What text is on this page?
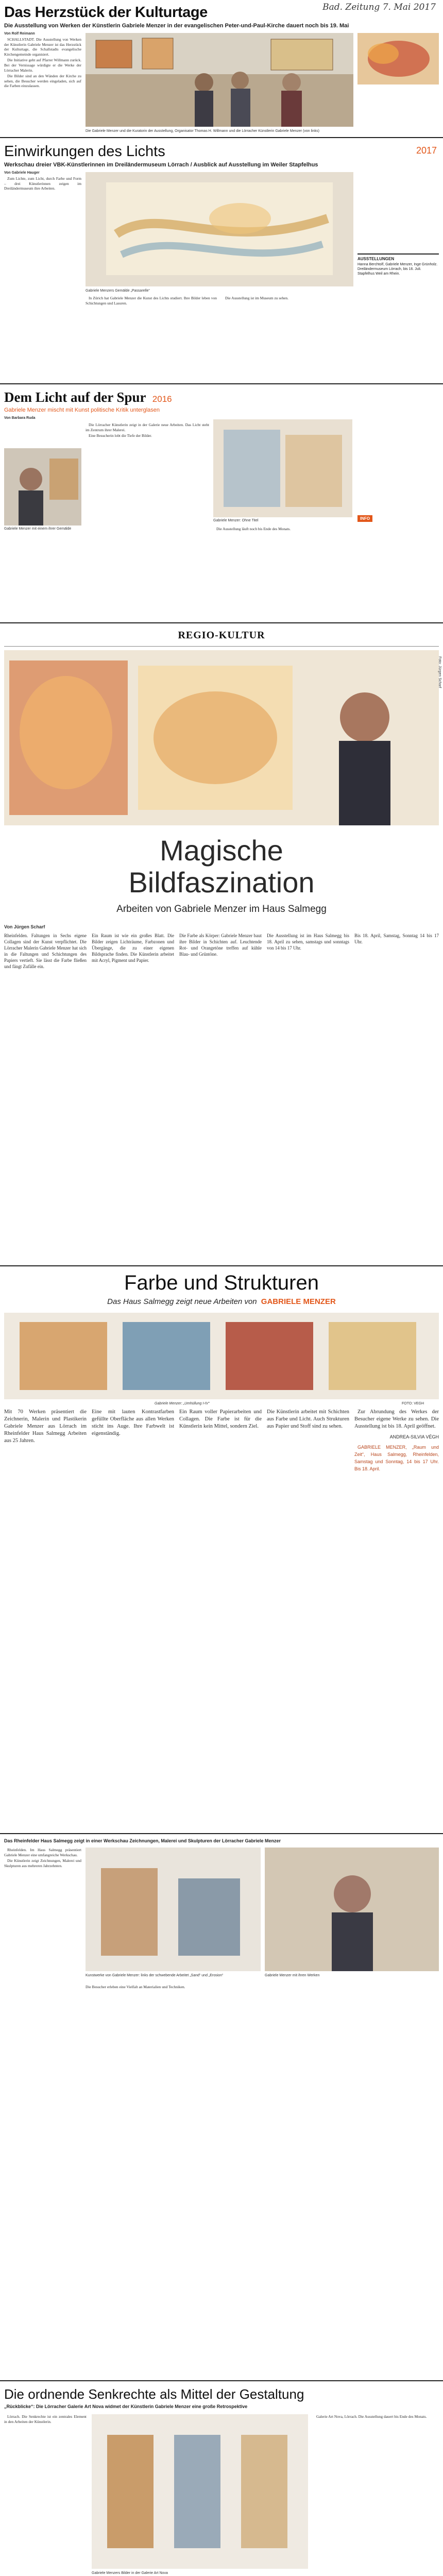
Bad. Zeitung 7. Mai 2017
Das Herzstück der Kulturtage
Die Ausstellung von Werken der Künstlerin Gabriele Menzer in der evangelischen Peter-und-Paul-Kirche dauert noch bis 19. Mai
Von Rolf Reimann

SCHALLSTADT. Die Ausstellung von Werken der Künstlerin Gabriele Menzer ist das Herzstück der Kulturtage, die Schallstadts evangelische Kirchengemeinde organisiert.

Die Initiative geht auf Pfarrer Willmann zurück. Bei der Vernissage würdigte er die Werke der Lörracher Malerin.

Die Bilder sind an den Wänden der Kirche zu sehen, die Besucher werden eingeladen, sich auf die Farben einzulassen.

Die Gabriele Menzer und die Kuratorin der Ausstellung, Organisator Thomas H. Willmann und die Lörracher Künstlerin Gabriele Menzer (von links)
Einwirkungen des Lichts	2017
Werkschau dreier VBK-Künstlerinnen im Dreiländermuseum Lörrach / Ausblick auf Ausstellung im Weiler Stapfelhus
Von Gabriele Hauger

Zum Lichte, zum Licht, durch Farbe und Form – drei Künstlerinnen zeigen im Dreiländermuseum ihre Arbeiten.

Gabriele Menzers Gemälde „Passarelle“

In Zürich hat Gabriele Menzer die Kunst des Lichts studiert. Ihre Bilder leben von Schichtungen und Lasuren.

Die Ausstellung ist im Museum zu sehen.

AUSSTELLUNGEN
Hanna Berchtolf, Gabriele Menzer, Inge Grünholz. Dreiländermuseum Lörrach, bis 16. Juli. Stapfelhus Weil am Rhein.
Dem Licht auf der Spur 2016
Gabriele Menzer mischt mit Kunst politische Kritik unterglasen
Von Barbara Ruda
Gabriele Menzer mit einem ihrer Gemälde

Die Lörracher Künstlerin zeigt in der Galerie neue Arbeiten. Das Licht steht im Zentrum ihrer Malerei.

Eine Besucherin lobt die Tiefe der Bilder.

Gabriele Menzer: Ohne Titel

Die Ausstellung läuft noch bis Ende des Monats.

INFO
REGIO-KULTUR
Foto: Jürgen Scharf
Magische
Bildfaszination
Arbeiten von Gabriele Menzer im Haus Salmegg
Von Jürgen Scharf
Rheinfelden. Faltungen in Sechs eigene Collagen sind der Kunst verpflichtet. Die Lörracher Malerin Gabriele Menzer hat sich in die Faltungen und Schichtungen des Papiers vertieft. Sie lässt die Farbe fließen und fängt Zufälle ein.
Ein Raum ist wie ein großes Blatt. Die Bilder zeigen Lichträume, Farbzonen und Übergänge, die zu einer eigenen Bildsprache finden. Die Künstlerin arbeitet mit Acryl, Pigment und Papier.
Die Farbe als Körper: Gabriele Menzer baut ihre Bilder in Schichten auf. Leuchtende Rot- und Orangetöne treffen auf kühle Blau- und Grüntöne.
Die Ausstellung ist im Haus Salmegg bis 18. April zu sehen, samstags und sonntags von 14 bis 17 Uhr.
Bis 18. April, Samstag, Sonntag 14 bis 17 Uhr.
Farbe und Strukturen
Das Haus Salmegg zeigt neue Arbeiten von GABRIELE MENZER
Gabriele Menzer: „Umhüllung I-IV“	FOTO: VEGH
Mit 70 Werken präsentiert die Zeichnerin, Malerin und Plastikerin Gabriele Menzer aus Lörrach im Rheinfelder Haus Salmegg Arbeiten aus 25 Jahren.
Eine mit lauten Kontrastfarben gefüllte Oberfläche aus allen Werken sticht ins Auge. Ihre Farbwelt ist eigenständig.
Ein Raum voller Papierarbeiten und Collagen. Die Farbe ist für die Künstlerin kein Mittel, sondern Ziel.
Die Künstlerin arbeitet mit Schichten aus Farbe und Licht. Auch Strukturen aus Papier und Stoff sind zu sehen.

Zur Abrundung des Werkes der Besucher eigene Werke zu sehen. Die Ausstellung ist bis 18. April geöffnet.

ANDREA-SILVIA VÉGH

GABRIELE MENZER, „Raum und Zeit“, Haus Salmegg, Rheinfelden, Samstag und Sonntag, 14 bis 17 Uhr. Bis 18. April.

Das Rheinfelder Haus Salmegg zeigt in einer Werkschau Zeichnungen, Malerei und Skulpturen der Lörracher Gabriele Menzer

Rheinfelden. Im Haus Salmegg präsentiert Gabriele Menzer eine umfangreiche Werkschau.

Die Künstlerin zeigt Zeichnungen, Malerei und Skulpturen aus mehreren Jahrzehnten.

Kunstwerke von Gabriele Menzer: links der schwebende Arbeitet „Sand“ und „Erosion“	Gabriele Menzer mit ihren Werken
Die Besucher erleben eine Vielfalt an Materialien und Techniken.
Die ordnende Senkrechte als Mittel der Gestaltung
„Rückblicke“: Die Lörracher Galerie Art Nova widmet der Künstlerin Gabriele Menzer eine große Retrospektive

Lörrach. Die Senkrechte ist ein zentrales Element in den Arbeiten der Künstlerin.

Gabriele Menzers Bilder in der Galerie Art Nova

Galerie Art Nova, Lörrach. Die Ausstellung dauert bis Ende des Monats.
